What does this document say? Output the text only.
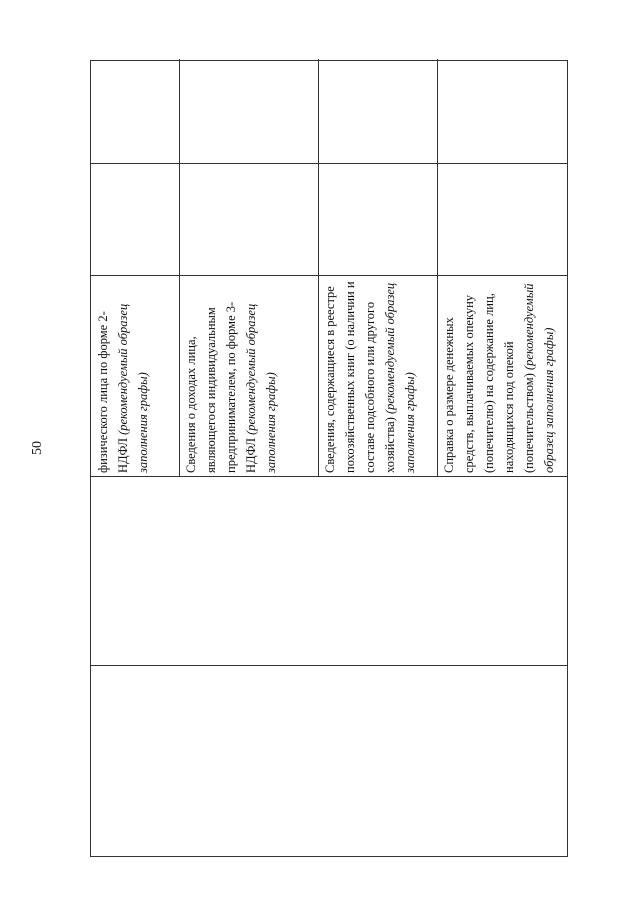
50	физического лица по форме 2-НДФЛ (рекомендуемый образец заполнения графы)	Сведения о доходах лица, являющегося индивидуальным предпринимателем, по форме 3-НДФЛ (рекомендуемый образец заполнения графы)	Сведения, содержащиеся в реестре похозяйственных книг (о наличии и составе подсобного или другого хозяйства) (рекомендуемый образец заполнения графы)	Справка о размере денежных средств, выплачиваемых опекуну (попечителю) на содержание лиц, находящихся под опекой (попечительством) (рекомендуемый образец заполнения графы)
